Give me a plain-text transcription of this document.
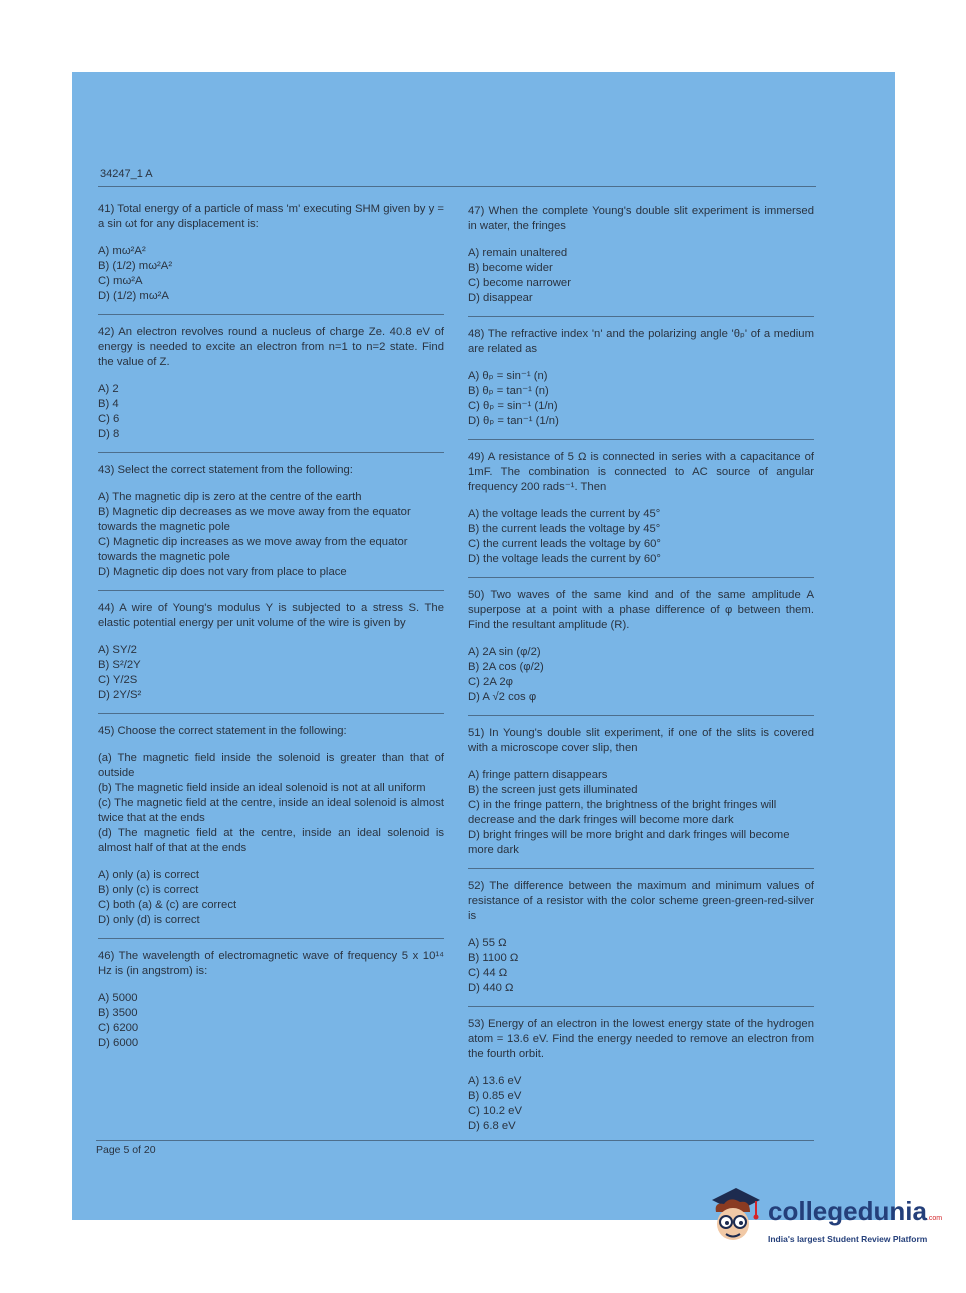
34247_1 A
41) Total energy of a particle of mass 'm' executing SHM given by y = a sin ωt for any displacement is:
A) mω²A²
B) (1/2) mω²A²
C) mω²A
D) (1/2) mω²A
42) An electron revolves round a nucleus of charge Ze. 40.8 eV of energy is needed to excite an electron from n=1 to n=2 state. Find the value of Z.
A) 2
B) 4
C) 6
D) 8
43) Select the correct statement from the following:
A) The magnetic dip is zero at the centre of the earth
B) Magnetic dip decreases as we move away from the equator towards the magnetic pole
C) Magnetic dip increases as we move away from the equator towards the magnetic pole
D) Magnetic dip does not vary from place to place
44) A wire of Young's modulus Y is subjected to a stress S. The elastic potential energy per unit volume of the wire is given by
A) SY/2
B) S²/2Y
C) Y/2S
D) 2Y/S²
45) Choose the correct statement in the following:
(a) The magnetic field inside the solenoid is greater than that of outside
(b) The magnetic field inside an ideal solenoid is not at all uniform
(c) The magnetic field at the centre, inside an ideal solenoid is almost twice that at the ends
(d) The magnetic field at the centre, inside an ideal solenoid is almost half of that at the ends
A) only (a) is correct
B) only (c) is correct
C) both (a) & (c) are correct
D) only (d) is correct
46) The wavelength of electromagnetic wave of frequency 5 x 10¹⁴ Hz is (in angstrom) is:
A) 5000
B) 3500
C) 6200
D) 6000
47) When the complete Young's double slit experiment is immersed in water, the fringes
A) remain unaltered
B) become wider
C) become narrower
D) disappear
48) The refractive index 'n' and the polarizing angle 'θₚ' of a medium are related as
A) θₚ = sin⁻¹ (n)
B) θₚ = tan⁻¹ (n)
C) θₚ = sin⁻¹ (1/n)
D) θₚ = tan⁻¹ (1/n)
49) A resistance of 5 Ω is connected in series with a capacitance of 1mF. The combination is connected to AC source of angular frequency 200 rads⁻¹. Then
A) the voltage leads the current by 45°
B) the current leads the voltage by 45°
C) the current leads the voltage by 60°
D) the voltage leads the current by 60°
50) Two waves of the same kind and of the same amplitude A superpose at a point with a phase difference of φ between them. Find the resultant amplitude (R).
A) 2A sin (φ/2)
B) 2A cos (φ/2)
C) 2A 2φ
D) A √2 cos φ
51) In Young's double slit experiment, if one of the slits is covered with a microscope cover slip, then
A) fringe pattern disappears
B) the screen just gets illuminated
C) in the fringe pattern, the brightness of the bright fringes will decrease and the dark fringes will become more dark
D) bright fringes will be more bright and dark fringes will become more dark
52) The difference between the maximum and minimum values of resistance of a resistor with the color scheme green-green-red-silver is
A) 55 Ω
B) 1100 Ω
C) 44 Ω
D) 440 Ω
53) Energy of an electron in the lowest energy state of the hydrogen atom = 13.6 eV. Find the energy needed to remove an electron from the fourth orbit.
A) 13.6 eV
B) 0.85 eV
C) 10.2 eV
D) 6.8 eV
Page 5 of 20
collegedunia.com
India's largest Student Review Platform
